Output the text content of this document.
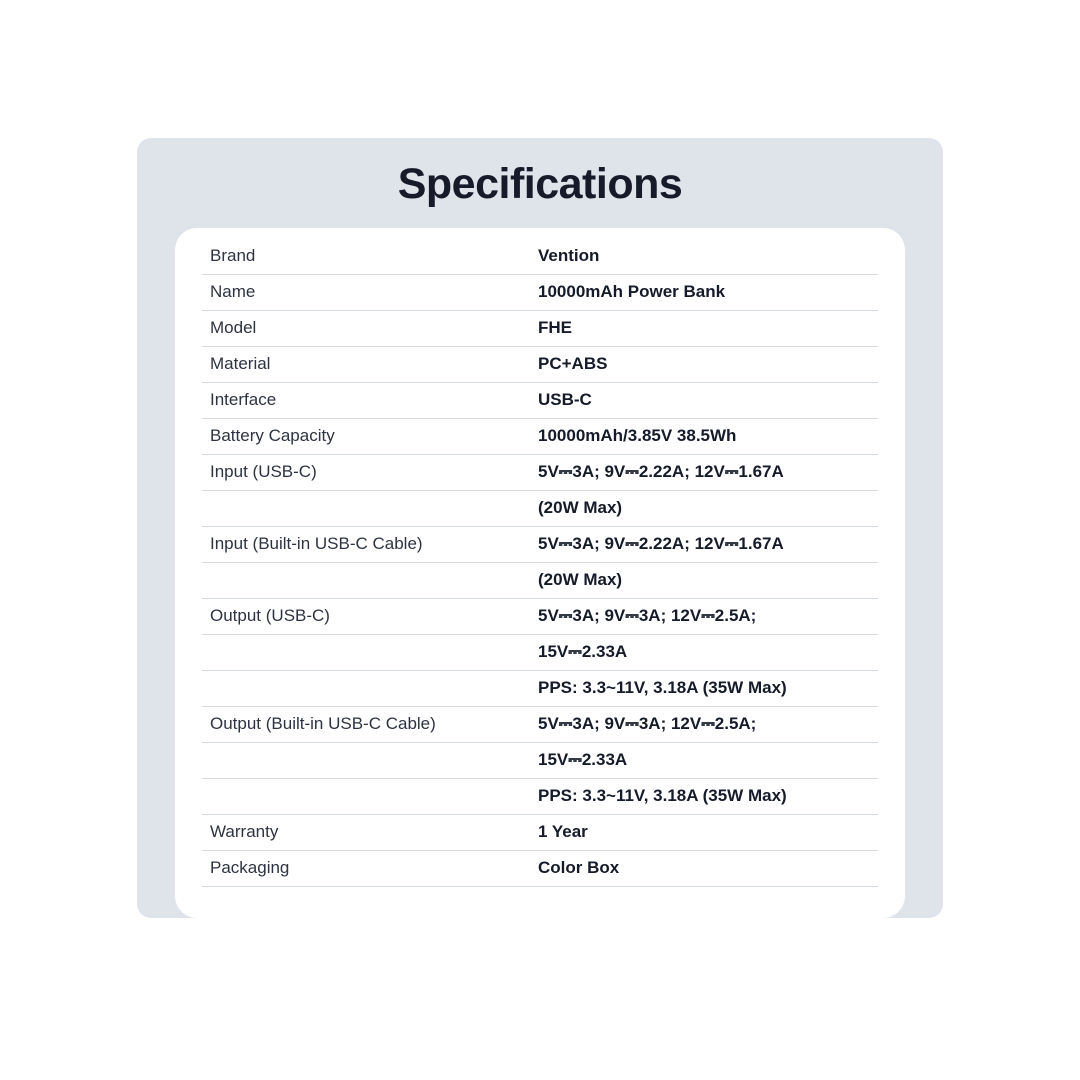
Specifications
Brand	Vention
Name	10000mAh Power Bank
Model	FHE
Material	PC+ABS
Interface	USB-C
Battery Capacity	10000mAh/3.85V 38.5Wh
Input (USB-C)	5V⎓3A; 9V⎓2.22A; 12V⎓1.67A
	(20W Max)
Input (Built-in USB-C Cable)	5V⎓3A; 9V⎓2.22A; 12V⎓1.67A
	(20W Max)
Output (USB-C)	5V⎓3A; 9V⎓3A; 12V⎓2.5A;
	15V⎓2.33A
	PPS: 3.3~11V, 3.18A (35W Max)
Output (Built-in USB-C Cable)	5V⎓3A; 9V⎓3A; 12V⎓2.5A;
	15V⎓2.33A
	PPS: 3.3~11V, 3.18A (35W Max)
Warranty	1 Year
Packaging	Color Box
